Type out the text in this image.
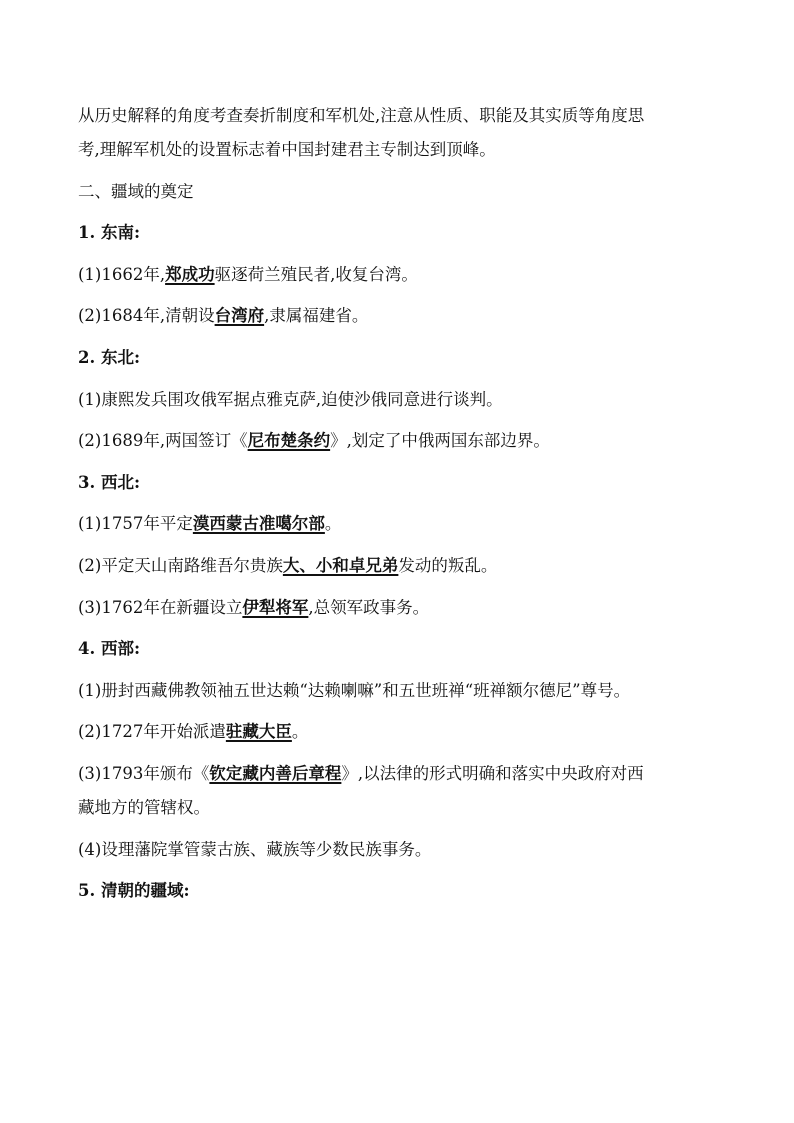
从历史解释的角度考查奏折制度和军机处,注意从性质、职能及其实质等角度思
考,理解军机处的设置标志着中国封建君主专制达到顶峰。
二、疆域的奠定
1. 东南:
(1)1662年,郑成功驱逐荷兰殖民者,收复台湾。
(2)1684年,清朝设台湾府,隶属福建省。
2. 东北:
(1)康熙发兵围攻俄军据点雅克萨,迫使沙俄同意进行谈判。
(2)1689年,两国签订《尼布楚条约》,划定了中俄两国东部边界。
3. 西北:
(1)1757年平定漠西蒙古准噶尔部。
(2)平定天山南路维吾尔贵族大、小和卓兄弟发动的叛乱。
(3)1762年在新疆设立伊犁将军,总领军政事务。
4. 西部:
(1)册封西藏佛教领袖五世达赖“达赖喇嘛”和五世班禅“班禅额尔德尼”尊号。
(2)1727年开始派遣驻藏大臣。
(3)1793年颁布《钦定藏内善后章程》,以法律的形式明确和落实中央政府对西
藏地方的管辖权。
(4)设理藩院掌管蒙古族、藏族等少数民族事务。
5. 清朝的疆域:
